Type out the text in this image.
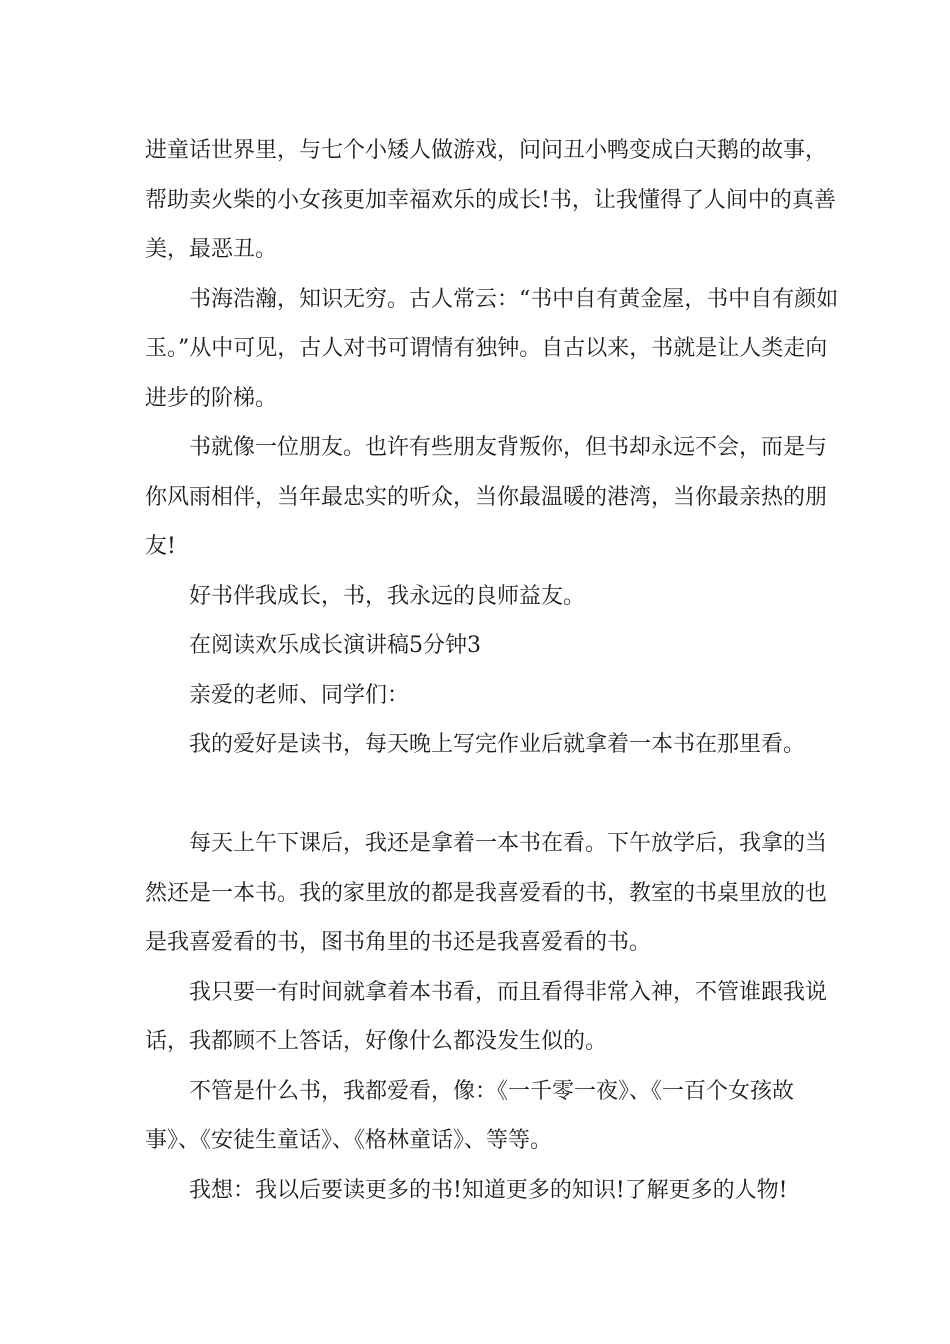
进童话世界里，与七个小矮人做游戏，问问丑小鸭变成白天鹅的故事，帮助卖火柴的小女孩更加幸福欢乐的成长!书，让我懂得了人间中的真善美，最恶丑。

书海浩瀚，知识无穷。古人常云：“书中自有黄金屋，书中自有颜如玉。”从中可见，古人对书可谓情有独钟。自古以来，书就是让人类走向进步的阶梯。

书就像一位朋友。也许有些朋友背叛你，但书却永远不会，而是与你风雨相伴，当年最忠实的听众，当你最温暖的港湾，当你最亲热的朋友!

好书伴我成长，书，我永远的良师益友。

在阅读欢乐成长演讲稿5分钟3

亲爱的老师、同学们：

我的爱好是读书，每天晚上写完作业后就拿着一本书在那里看。

每天上午下课后，我还是拿着一本书在看。下午放学后，我拿的当然还是一本书。我的家里放的都是我喜爱看的书，教室的书桌里放的也是我喜爱看的书，图书角里的书还是我喜爱看的书。

我只要一有时间就拿着本书看，而且看得非常入神，不管谁跟我说话，我都顾不上答话，好像什么都没发生似的。

不管是什么书，我都爱看，像：《一千零一夜》、《一百个女孩故事》、《安徒生童话》、《格林童话》、等等。

我想：我以后要读更多的书!知道更多的知识!了解更多的人物!
